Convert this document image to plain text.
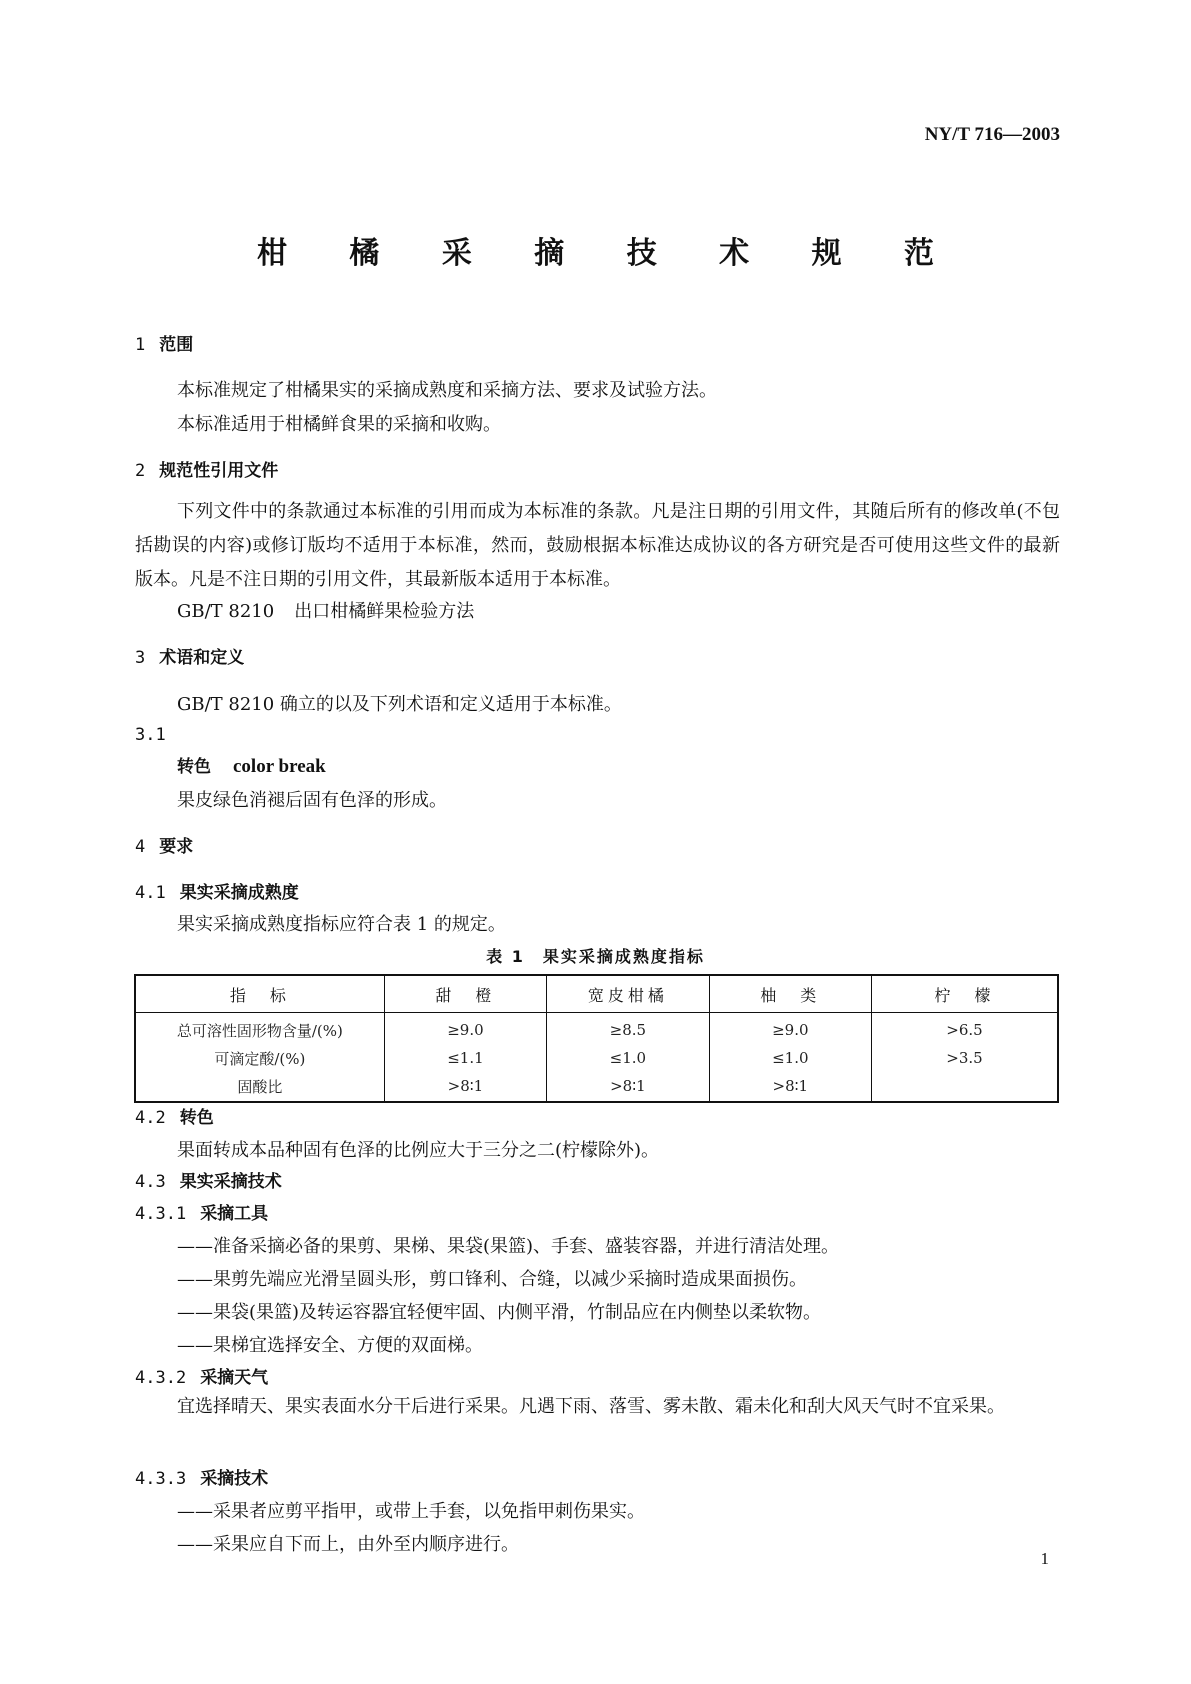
NY/T 716—2003
柑 橘 采 摘 技 术 规 范
1 范围
本标准规定了柑橘果实的采摘成熟度和采摘方法、要求及试验方法。
本标准适用于柑橘鲜食果的采摘和收购。
2 规范性引用文件
下列文件中的条款通过本标准的引用而成为本标准的条款。凡是注日期的引用文件，其随后所有的修改单(不包括勘误的内容)或修订版均不适用于本标准，然而，鼓励根据本标准达成协议的各方研究是否可使用这些文件的最新版本。凡是不注日期的引用文件，其最新版本适用于本标准。
GB/T 8210 出口柑橘鲜果检验方法
3 术语和定义
GB/T 8210 确立的以及下列术语和定义适用于本标准。
3.1
转色 color break
果皮绿色消褪后固有色泽的形成。
4 要求
4.1 果实采摘成熟度
果实采摘成熟度指标应符合表 1 的规定。
表 1 果实采摘成熟度指标
指　标	甜　橙	宽皮柑橘	柚　类	柠　檬
总可溶性固形物含量/(%)	≥9.0	≥8.5	≥9.0	>6.5
可滴定酸/(%)	≤1.1	≤1.0	≤1.0	>3.5
固酸比	>8∶1	>8∶1	>8∶1	
4.2 转色
果面转成本品种固有色泽的比例应大于三分之二(柠檬除外)。
4.3 果实采摘技术
4.3.1 采摘工具
——准备采摘必备的果剪、果梯、果袋(果篮)、手套、盛装容器，并进行清洁处理。
——果剪先端应光滑呈圆头形，剪口锋利、合缝，以减少采摘时造成果面损伤。
——果袋(果篮)及转运容器宜轻便牢固、内侧平滑，竹制品应在内侧垫以柔软物。
——果梯宜选择安全、方便的双面梯。
4.3.2 采摘天气
宜选择晴天、果实表面水分干后进行采果。凡遇下雨、落雪、雾未散、霜未化和刮大风天气时不宜采果。
4.3.3 采摘技术
——采果者应剪平指甲，或带上手套，以免指甲刺伤果实。
——采果应自下而上，由外至内顺序进行。
1
